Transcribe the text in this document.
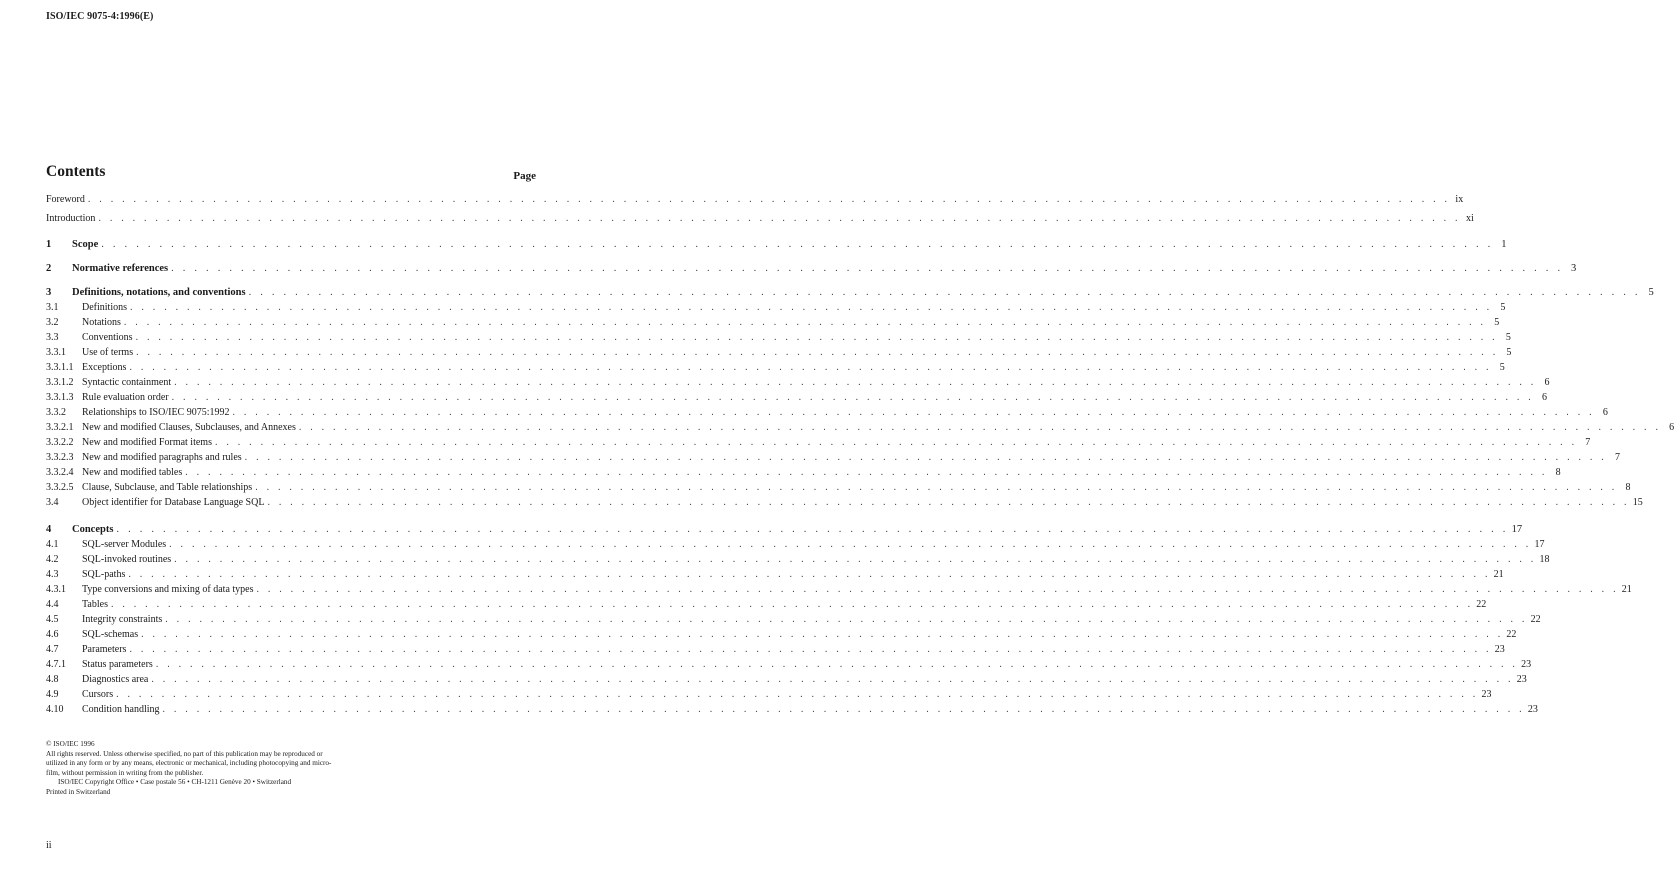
ISO/IEC 9075-4:1996(E)
Contents	Page
Foreword . . . . . . . . . . . . . . . . . . . . . . . . . . . . . . . . . . . . . . . . . . . . . . . . . . . . . . . . . . . . . . . . . . . . . . . . . . . . . . . . . . . . . . . . . . . . . . . . . . . . . . . . . . . . . . . . . . . . . . . . ix
Introduction . . . . . . . . . . . . . . . . . . . . . . . . . . . . . . . . . . . . . . . . . . . . . . . . . . . . . . . . . . . . . . . . . . . . . . . . . . . . . . . . . . . . . . . . . . . . . . . . . . . . . . . . . . . . . . . . . . . . . . . . xi
1	Scope . . . . . . . . . . . . . . . . . . . . . . . . . . . . . . . . . . . . . . . . . . . . . . . . . . . . . . . . . . . . . . . . . . . . . . . . . . . . . . . . . . . . . . . . . . . . . . . . . . . . . . . . . . . . . . . . . . . . . . . . 1
2	Normative references . . . . . . . . . . . . . . . . . . . . . . . . . . . . . . . . . . . . . . . . . . . . . . . . . . . . . . . . . . . . . . . . . . . . . . . . . . . . . . . . . . . . . . . . . . . . . . . . . . . . . . . . . . . . . . . . . . . . . . . . 3
3	Definitions, notations, and conventions . . . . . . . . . . . . . . . . . . . . . . . . . . . . . . . . . . . . . . . . . . . . . . . . . . . . . . . . . . . . . . . . . . . . . . . . . . . . . . . . . . . . . . . . . . . . . . . . . . . . . . . . . . . . . . . . . . . . . . . . 5
3.1	Definitions . . . . . . . . . . . . . . . . . . . . . . . . . . . . . . . . . . . . . . . . . . . . . . . . . . . . . . . . . . . . . . . . . . . . . . . . . . . . . . . . . . . . . . . . . . . . . . . . . . . . . . . . . . . . . . . . . . . . . . . . 5
3.2	Notations . . . . . . . . . . . . . . . . . . . . . . . . . . . . . . . . . . . . . . . . . . . . . . . . . . . . . . . . . . . . . . . . . . . . . . . . . . . . . . . . . . . . . . . . . . . . . . . . . . . . . . . . . . . . . . . . . . . . . . . . 5
3.3	Conventions . . . . . . . . . . . . . . . . . . . . . . . . . . . . . . . . . . . . . . . . . . . . . . . . . . . . . . . . . . . . . . . . . . . . . . . . . . . . . . . . . . . . . . . . . . . . . . . . . . . . . . . . . . . . . . . . . . . . . . . . 5
3.3.1	Use of terms . . . . . . . . . . . . . . . . . . . . . . . . . . . . . . . . . . . . . . . . . . . . . . . . . . . . . . . . . . . . . . . . . . . . . . . . . . . . . . . . . . . . . . . . . . . . . . . . . . . . . . . . . . . . . . . . . . . . . . . . 5
3.3.1.1 Exceptions . . . . . . . . . . . . . . . . . . . . . . . . . . . . . . . . . . . . . . . . . . . . . . . . . . . . . . . . . . . . . . . . . . . . . . . . . . . . . . . . . . . . . . . . . . . . . . . . . . . . . . . . . . . . . . . . . . . . . . . . 5
3.3.1.2 Syntactic containment . . . . . . . . . . . . . . . . . . . . . . . . . . . . . . . . . . . . . . . . . . . . . . . . . . . . . . . . . . . . . . . . . . . . . . . . . . . . . . . . . . . . . . . . . . . . . . . . . . . . . . . . . . . . . . . . . . . . . . . . 6
3.3.1.3 Rule evaluation order . . . . . . . . . . . . . . . . . . . . . . . . . . . . . . . . . . . . . . . . . . . . . . . . . . . . . . . . . . . . . . . . . . . . . . . . . . . . . . . . . . . . . . . . . . . . . . . . . . . . . . . . . . . . . . . . . . . . . . . . 6
3.3.2	Relationships to ISO/IEC 9075:1992 . . . . . . . . . . . . . . . . . . . . . . . . . . . . . . . . . . . . . . . . . . . . . . . . . . . . . . . . . . . . . . . . . . . . . . . . . . . . . . . . . . . . . . . . . . . . . . . . . . . . . . . . . . . . . . . . . . . . . . . . 6
3.3.2.1 New and modified Clauses, Subclauses, and Annexes . . . . . . . . . . . . . . . . . . . . . . . . . . . . . . . . . . . . . . . . . . . . . . . . . . . . . . . . . . . . . . . . . . . . . . . . . . . . . . . . . . . . . . . . . . . . . . . . . . . . . . . . . . . . . . . . . . . . . . . . 6
3.3.2.2 New and modified Format items . . . . . . . . . . . . . . . . . . . . . . . . . . . . . . . . . . . . . . . . . . . . . . . . . . . . . . . . . . . . . . . . . . . . . . . . . . . . . . . . . . . . . . . . . . . . . . . . . . . . . . . . . . . . . . . . . . . . . . . . 7
3.3.2.3 New and modified paragraphs and rules . . . . . . . . . . . . . . . . . . . . . . . . . . . . . . . . . . . . . . . . . . . . . . . . . . . . . . . . . . . . . . . . . . . . . . . . . . . . . . . . . . . . . . . . . . . . . . . . . . . . . . . . . . . . . . . . . . . . . . . . 7
3.3.2.4 New and modified tables . . . . . . . . . . . . . . . . . . . . . . . . . . . . . . . . . . . . . . . . . . . . . . . . . . . . . . . . . . . . . . . . . . . . . . . . . . . . . . . . . . . . . . . . . . . . . . . . . . . . . . . . . . . . . . . . . . . . . . . . 8
3.3.2.5 Clause, Subclause, and Table relationships . . . . . . . . . . . . . . . . . . . . . . . . . . . . . . . . . . . . . . . . . . . . . . . . . . . . . . . . . . . . . . . . . . . . . . . . . . . . . . . . . . . . . . . . . . . . . . . . . . . . . . . . . . . . . . . . . . . . . . . . 8
3.4	Object identifier for Database Language SQL . . . . . . . . . . . . . . . . . . . . . . . . . . . . . . . . . . . . . . . . . . . . . . . . . . . . . . . . . . . . . . . . . . . . . . . . . . . . . . . . . . . . . . . . . . . . . . . . . . . . . . . . . . . . . . . . . . . . . . . . 15
4	Concepts . . . . . . . . . . . . . . . . . . . . . . . . . . . . . . . . . . . . . . . . . . . . . . . . . . . . . . . . . . . . . . . . . . . . . . . . . . . . . . . . . . . . . . . . . . . . . . . . . . . . . . . . . . . . . . . . . . . . . . . . 17
4.1	SQL-server Modules . . . . . . . . . . . . . . . . . . . . . . . . . . . . . . . . . . . . . . . . . . . . . . . . . . . . . . . . . . . . . . . . . . . . . . . . . . . . . . . . . . . . . . . . . . . . . . . . . . . . . . . . . . . . . . . . . . . . . . . . 17
4.2	SQL-invoked routines . . . . . . . . . . . . . . . . . . . . . . . . . . . . . . . . . . . . . . . . . . . . . . . . . . . . . . . . . . . . . . . . . . . . . . . . . . . . . . . . . . . . . . . . . . . . . . . . . . . . . . . . . . . . . . . . . . . . . . . . 18
4.3	SQL-paths . . . . . . . . . . . . . . . . . . . . . . . . . . . . . . . . . . . . . . . . . . . . . . . . . . . . . . . . . . . . . . . . . . . . . . . . . . . . . . . . . . . . . . . . . . . . . . . . . . . . . . . . . . . . . . . . . . . . . . . . 21
4.3.1	Type conversions and mixing of data types . . . . . . . . . . . . . . . . . . . . . . . . . . . . . . . . . . . . . . . . . . . . . . . . . . . . . . . . . . . . . . . . . . . . . . . . . . . . . . . . . . . . . . . . . . . . . . . . . . . . . . . . . . . . . . . . . . . . . . . . 21
4.4	Tables . . . . . . . . . . . . . . . . . . . . . . . . . . . . . . . . . . . . . . . . . . . . . . . . . . . . . . . . . . . . . . . . . . . . . . . . . . . . . . . . . . . . . . . . . . . . . . . . . . . . . . . . . . . . . . . . . . . . . . . . 22
4.5	Integrity constraints . . . . . . . . . . . . . . . . . . . . . . . . . . . . . . . . . . . . . . . . . . . . . . . . . . . . . . . . . . . . . . . . . . . . . . . . . . . . . . . . . . . . . . . . . . . . . . . . . . . . . . . . . . . . . . . . . . . . . . . . 22
4.6	SQL-schemas . . . . . . . . . . . . . . . . . . . . . . . . . . . . . . . . . . . . . . . . . . . . . . . . . . . . . . . . . . . . . . . . . . . . . . . . . . . . . . . . . . . . . . . . . . . . . . . . . . . . . . . . . . . . . . . . . . . . . . . . 22
4.7	Parameters . . . . . . . . . . . . . . . . . . . . . . . . . . . . . . . . . . . . . . . . . . . . . . . . . . . . . . . . . . . . . . . . . . . . . . . . . . . . . . . . . . . . . . . . . . . . . . . . . . . . . . . . . . . . . . . . . . . . . . . . 23
4.7.1	Status parameters . . . . . . . . . . . . . . . . . . . . . . . . . . . . . . . . . . . . . . . . . . . . . . . . . . . . . . . . . . . . . . . . . . . . . . . . . . . . . . . . . . . . . . . . . . . . . . . . . . . . . . . . . . . . . . . . . . . . . . . . 23
4.8	Diagnostics area . . . . . . . . . . . . . . . . . . . . . . . . . . . . . . . . . . . . . . . . . . . . . . . . . . . . . . . . . . . . . . . . . . . . . . . . . . . . . . . . . . . . . . . . . . . . . . . . . . . . . . . . . . . . . . . . . . . . . . . . 23
4.9	Cursors . . . . . . . . . . . . . . . . . . . . . . . . . . . . . . . . . . . . . . . . . . . . . . . . . . . . . . . . . . . . . . . . . . . . . . . . . . . . . . . . . . . . . . . . . . . . . . . . . . . . . . . . . . . . . . . . . . . . . . . . 23
4.10	Condition handling . . . . . . . . . . . . . . . . . . . . . . . . . . . . . . . . . . . . . . . . . . . . . . . . . . . . . . . . . . . . . . . . . . . . . . . . . . . . . . . . . . . . . . . . . . . . . . . . . . . . . . . . . . . . . . . . . . . . . . . . 23
© ISO/IEC 1996
All rights reserved. Unless otherwise specified, no part of this publication may be reproduced or
utilized in any form or by any means, electronic or mechanical, including photocopying and micro-
film, without permission in writing from the publisher.
ISO/IEC Copyright Office • Case postale 56 • CH-1211 Genève 20 • Switzerland
Printed in Switzerland
ii
